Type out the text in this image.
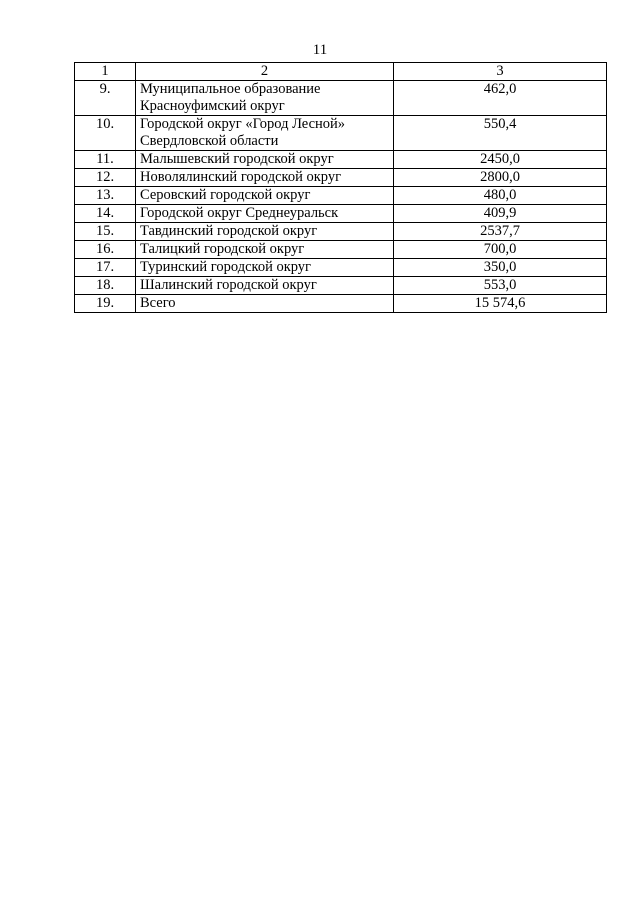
11
1	2	3
9.	Муниципальное образование Красноуфимский округ	462,0
10.	Городской округ «Город Лесной» Свердловской области	550,4
11.	Малышевский городской округ	2450,0
12.	Новолялинский городской округ	2800,0
13.	Серовский городской округ	480,0
14.	Городской округ Среднеуральск	409,9
15.	Тавдинский городской округ	2537,7
16.	Талицкий городской округ	700,0
17.	Туринский городской округ	350,0
18.	Шалинский городской округ	553,0
19.	Всего	15 574,6
